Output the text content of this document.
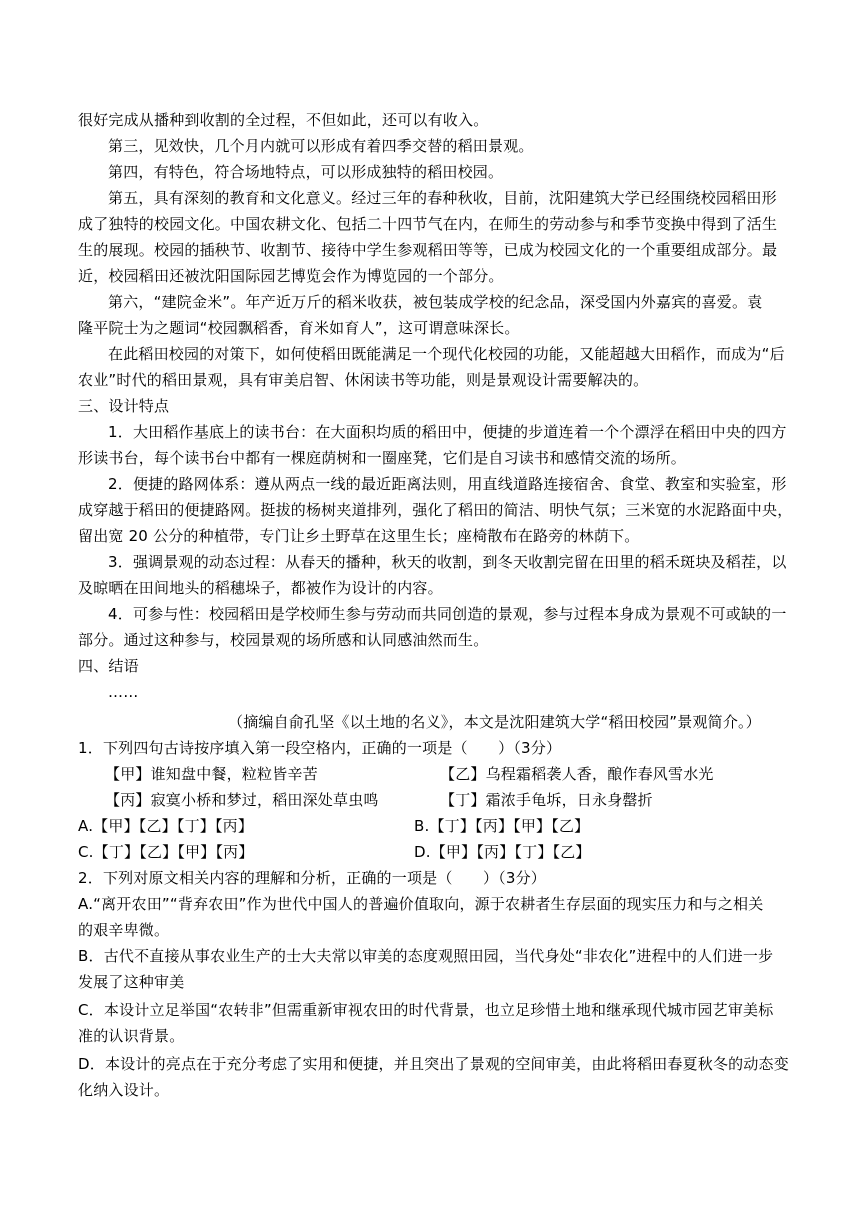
很好完成从播种到收割的全过程，不但如此，还可以有收入。
第三，见效快，几个月内就可以形成有着四季交替的稻田景观。
第四，有特色，符合场地特点，可以形成独特的稻田校园。
第五，具有深刻的教育和文化意义。经过三年的春种秋收，目前，沈阳建筑大学已经围绕校园稻田形
成了独特的校园文化。中国农耕文化、包括二十四节气在内，在师生的劳动参与和季节变换中得到了活生
生的展现。校园的插秧节、收割节、接待中学生参观稻田等等，已成为校园文化的一个重要组成部分。最
近，校园稻田还被沈阳国际园艺博览会作为博览园的一个部分。
第六，“建院金米”。年产近万斤的稻米收获，被包装成学校的纪念品，深受国内外嘉宾的喜爱。袁
隆平院士为之题词“校园飘稻香，育米如育人”，这可谓意味深长。
在此稻田校园的对策下，如何使稻田既能满足一个现代化校园的功能，又能超越大田稻作，而成为“后
农业”时代的稻田景观，具有审美启智、休闲读书等功能，则是景观设计需要解决的。
三、设计特点
1．大田稻作基底上的读书台：在大面积均质的稻田中，便捷的步道连着一个个漂浮在稻田中央的四方
形读书台，每个读书台中都有一棵庭荫树和一圈座凳，它们是自习读书和感情交流的场所。
2．便捷的路网体系：遵从两点一线的最近距离法则，用直线道路连接宿舍、食堂、教室和实验室，形
成穿越于稻田的便捷路网。挺拔的杨树夹道排列，强化了稻田的简洁、明快气氛；三米宽的水泥路面中央，
留出宽 20 公分的种植带，专门让乡土野草在这里生长；座椅散布在路旁的林荫下。
3．强调景观的动态过程：从春天的播种，秋天的收割，到冬天收割完留在田里的稻禾斑块及稻茬，以
及晾晒在田间地头的稻穗垛子，都被作为设计的内容。
4．可参与性：校园稻田是学校师生参与劳动而共同创造的景观，参与过程本身成为景观不可或缺的一
部分。通过这种参与，校园景观的场所感和认同感油然而生。
四、结语
……
（摘编自俞孔坚《以土地的名义》，本文是沈阳建筑大学“稻田校园”景观简介。）
1．下列四句古诗按序填入第一段空格内，正确的一项是（　　）（3分）
【甲】谁知盘中餐，粒粒皆辛苦	【乙】乌程霜稻袭人香，酿作春风雪水光
【丙】寂寞小桥和梦过，稻田深处草虫鸣	【丁】霜浓手龟坼，日永身罄折
A.【甲】【乙】【丁】【丙】	B.【丁】【丙】【甲】【乙】
C.【丁】【乙】【甲】【丙】	D.【甲】【丙】【丁】【乙】
2．下列对原文相关内容的理解和分析，正确的一项是（　　）（3分）
A.“离开农田”“背弃农田”作为世代中国人的普遍价值取向，源于农耕者生存层面的现实压力和与之相关
的艰辛卑微。
B．古代不直接从事农业生产的士大夫常以审美的态度观照田园，当代身处“非农化”进程中的人们进一步
发展了这种审美
C．本设计立足举国“农转非”但需重新审视农田的时代背景，也立足珍惜土地和继承现代城市园艺审美标
准的认识背景。
D．本设计的亮点在于充分考虑了实用和便捷，并且突出了景观的空间审美，由此将稻田春夏秋冬的动态变
化纳入设计。
